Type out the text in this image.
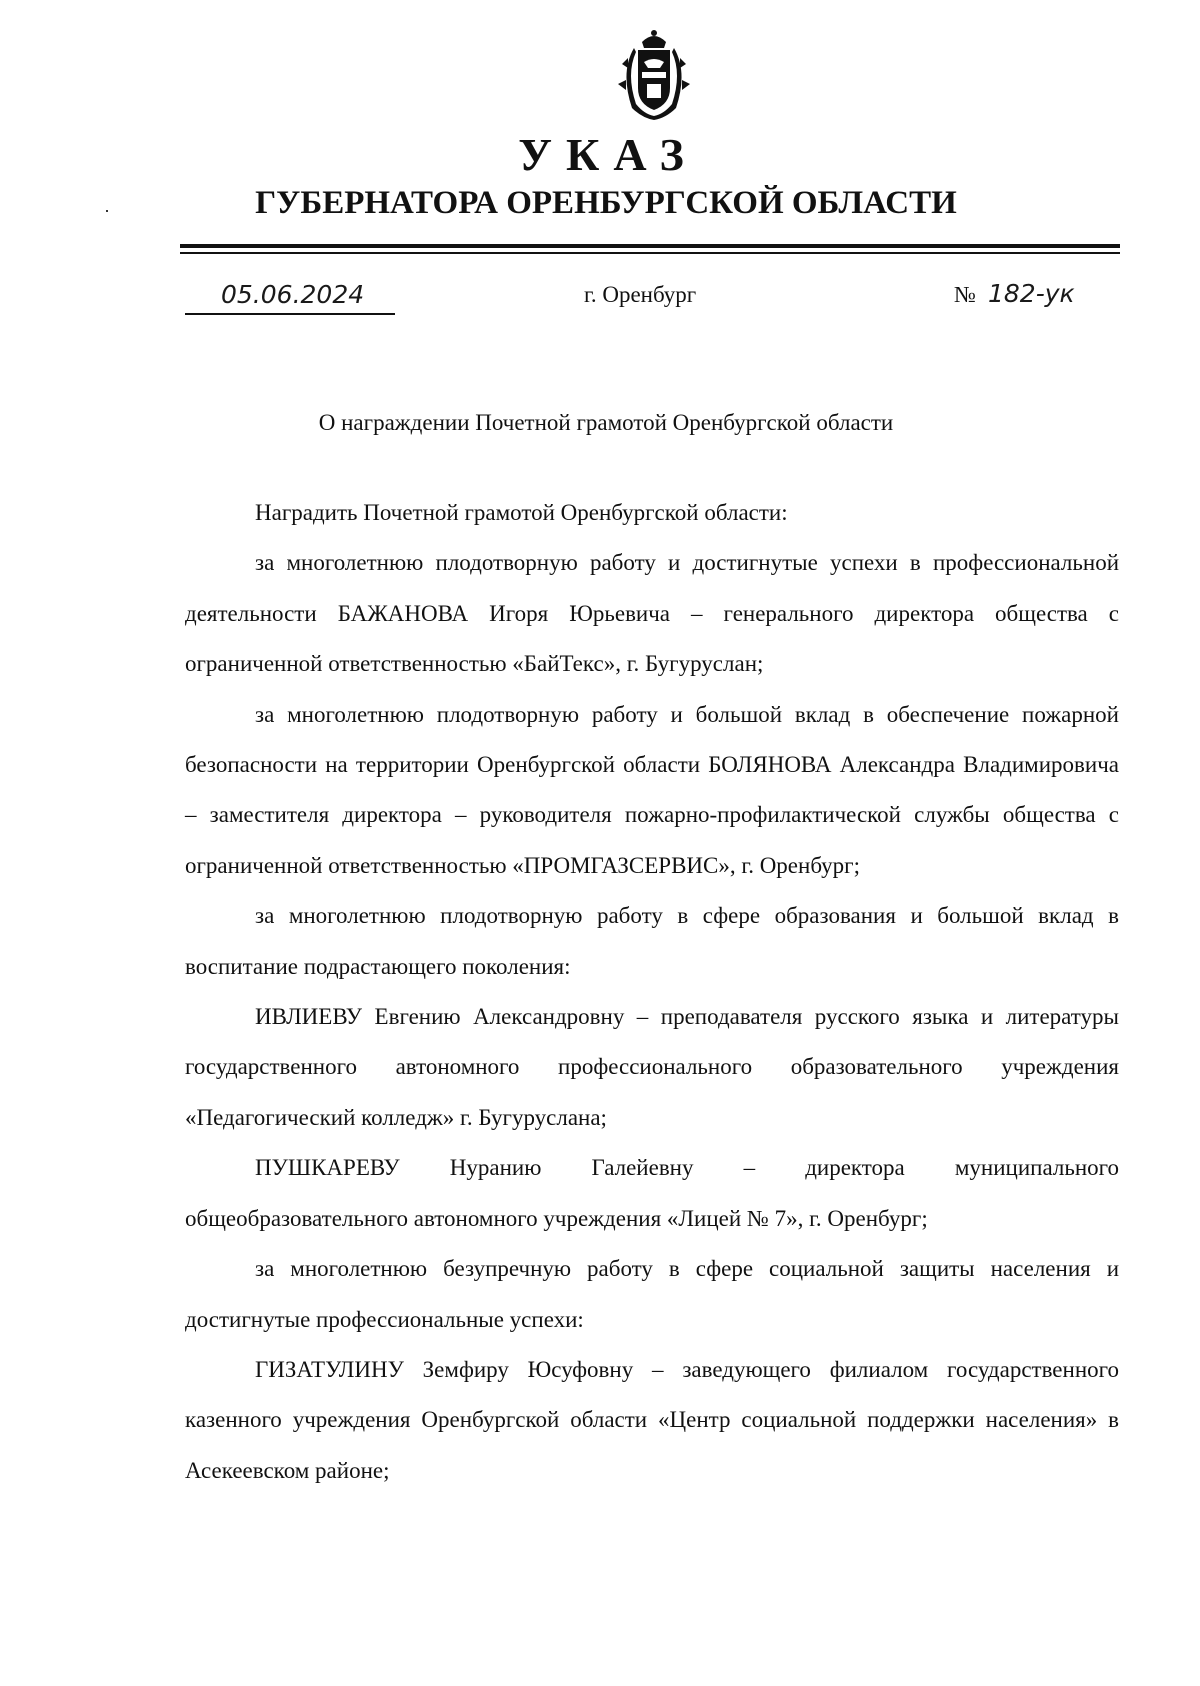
УКАЗ
ГУБЕРНАТОРА ОРЕНБУРГСКОЙ ОБЛАСТИ
05.06.2024	г. Оренбург	№ 182-ук
О награждении Почетной грамотой Оренбургской области

Наградить Почетной грамотой Оренбургской области:

за многолетнюю плодотворную работу и достигнутые успехи в профессиональной деятельности БАЖАНОВА Игоря Юрьевича – генерального директора общества с ограниченной ответственностью «БайТекс», г. Бугуруслан;

за многолетнюю плодотворную работу и большой вклад в обеспечение пожарной безопасности на территории Оренбургской области БОЛЯНОВА Александра Владимировича – заместителя директора – руководителя пожарно-профилактической службы общества с ограниченной ответственностью «ПРОМГАЗСЕРВИС», г. Оренбург;

за многолетнюю плодотворную работу в сфере образования и большой вклад в воспитание подрастающего поколения:

ИВЛИЕВУ Евгению Александровну – преподавателя русского языка и литературы государственного автономного профессионального образовательного учреждения «Педагогический колледж» г. Бугуруслана;

ПУШКАРЕВУ Нуранию Галейевну – директора муниципального общеобразовательного автономного учреждения «Лицей № 7», г. Оренбург;

за многолетнюю безупречную работу в сфере социальной защиты населения и достигнутые профессиональные успехи:

ГИЗАТУЛИНУ Земфиру Юсуфовну – заведующего филиалом государственного казенного учреждения Оренбургской области «Центр социальной поддержки населения» в Асекеевском районе;
